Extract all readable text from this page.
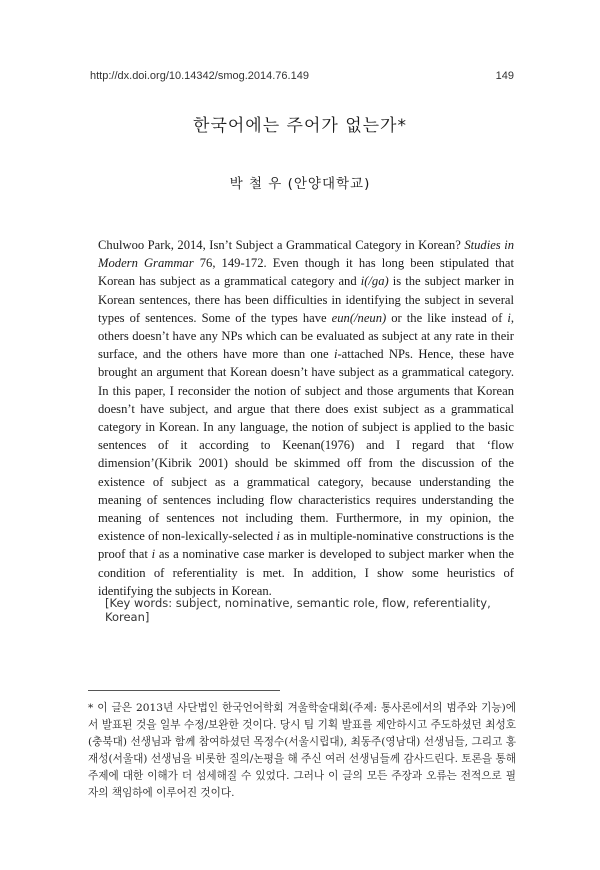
http://dx.doi.org/10.14342/smog.2014.76.149	149
한국어에는 주어가 없는가*
박 철 우 (안양대학교)
Chulwoo Park, 2014, Isn’t Subject a Grammatical Category in Korean? Studies in Modern Grammar 76, 149-172. Even though it has long been stipulated that Korean has subject as a grammatical category and i(/ga) is the subject marker in Korean sentences, there has been difficulties in identifying the subject in several types of sentences. Some of the types have eun(/neun) or the like instead of i, others doesn’t have any NPs which can be evaluated as subject at any rate in their surface, and the others have more than one i-attached NPs. Hence, these have brought an argument that Korean doesn’t have subject as a grammatical category. In this paper, I reconsider the notion of subject and those arguments that Korean doesn’t have subject, and argue that there does exist subject as a grammatical category in Korean. In any language, the notion of subject is applied to the basic sentences of it according to Keenan(1976) and I regard that ‘flow dimension’(Kibrik 2001) should be skimmed off from the discussion of the existence of subject as a grammatical category, because understanding the meaning of sentences including flow characteristics requires understanding the meaning of sentences not including them. Furthermore, in my opinion, the existence of non-lexically-selected i as in multiple-nominative constructions is the proof that i as a nominative case marker is developed to subject marker when the condition of referentiality is met. In addition, I show some heuristics of identifying the subjects in Korean.
[Key words: subject, nominative, semantic role, flow, referentiality, Korean]
* 이 글은 2013년 사단법인 한국언어학회 겨울학술대회(주제: 통사론에서의 범주와 기능)에서 발표된 것을 일부 수정/보완한 것이다. 당시 팀 기획 발표를 제안하시고 주도하셨던 최성호(충북대) 선생님과 함께 참여하셨던 목정수(서울시립대), 최동주(영남대) 선생님들, 그리고 홍재성(서울대) 선생님을 비롯한 질의/논평을 해 주신 여러 선생님들께 감사드린다. 토론을 통해 주제에 대한 이해가 더 섬세해질 수 있었다. 그러나 이 글의 모든 주장과 오류는 전적으로 필자의 책임하에 이루어진 것이다.
